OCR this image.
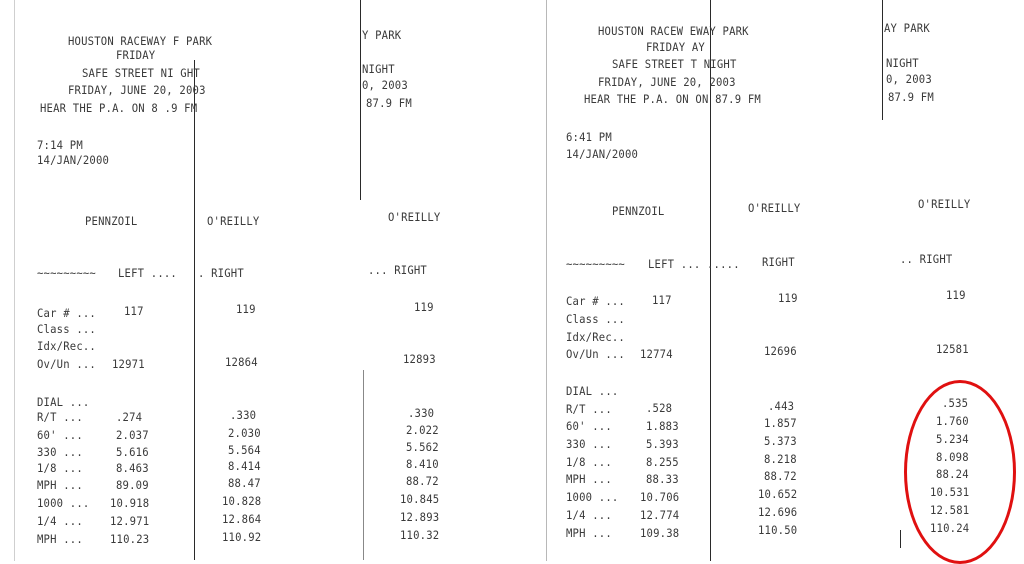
HOUSTON RACEWAY F PARK
FRIDAY
SAFE STREET NI GHT
FRIDAY, JUNE 20, 2003
HEAR THE P.A. ON 8 .9 FM
7:14 PM
14/JAN/2000
PENNZOIL	O'REILLY
~~~~~~~~~ LEFT .... . RIGHT
Car # ...
Class ...
Idx/Rec..
Ov/Un ...
DIAL ...
R/T ...
60' ...
330 ...
1/8 ...
MPH ...
1000 ...
1/4 ...
MPH ...
117
12971
.274
2.037
5.616
8.463
89.09
10.918
12.971
110.23
119
12864
.330
2.030
5.564
8.414
88.47
10.828
12.864
110.92
Y PARK
NIGHT
0, 2003
87.9 FM
O'REILLY
... RIGHT
119
12893
.330
2.022
5.562
8.410
88.72
10.845
12.893
110.32
HOUSTON RACEW EWAY PARK
FRIDAY AY
SAFE STREET T NIGHT
FRIDAY, JUNE 20, 2003
HEAR THE P.A. ON ON 87.9 FM
6:41 PM
14/JAN/2000
PENNZOIL	O'REILLY
~~~~~~~~~ LEFT ... ..... RIGHT
Car # ...
Class ...
Idx/Rec..
Ov/Un ...
DIAL ...
R/T ...
60' ...
330 ...
1/8 ...
MPH ...
1000 ...
1/4 ...
MPH ...
117
12774
.528
1.883
5.393
8.255
88.33
10.706
12.774
109.38
119
12696
.443
1.857
5.373
8.218
88.72
10.652
12.696
110.50
AY PARK
NIGHT
0, 2003
87.9 FM
O'REILLY
.. RIGHT
119
12581
.535
1.760
5.234
8.098
88.24
10.531
12.581
110.24
